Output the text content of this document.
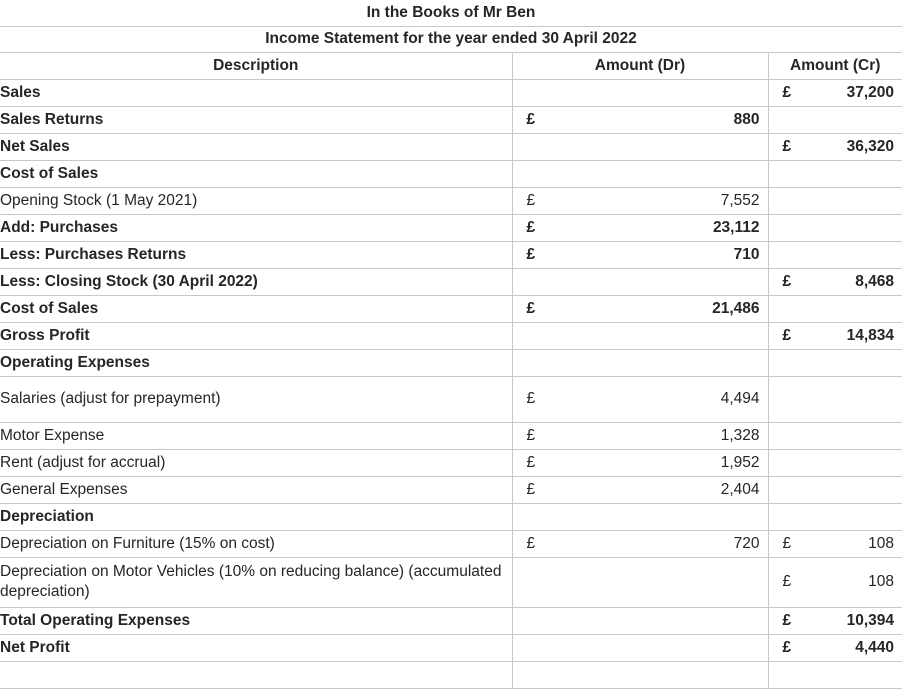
In the Books of Mr Ben		
Income Statement for the year ended 30 April 2022		
Description	Amount (Dr)	Amount (Cr)
Sales		£ 37,200

Sales Returns	£ 880	

Net Sales		£ 36,320

Cost of Sales		
Opening Stock (1 May 2021)	£ 7,552	

Add: Purchases	£ 23,112	

Less: Purchases Returns	£ 710	

Less: Closing Stock (30 April 2022)		£ 8,468

Cost of Sales	£ 21,486	

Gross Profit		£ 14,834

Operating Expenses		
Salaries (adjust for prepayment)	£ 4,494	

Motor Expense	£ 1,328	

Rent (adjust for accrual)	£ 1,952	

General Expenses	£ 2,404	

Depreciation		
Depreciation on Furniture (15% on cost)	£ 720	£ 108

Depreciation on Motor Vehicles (10% on reducing balance) (accumulated depreciation)		£ 108

Total Operating Expenses		£ 10,394

Net Profit		£ 4,440
